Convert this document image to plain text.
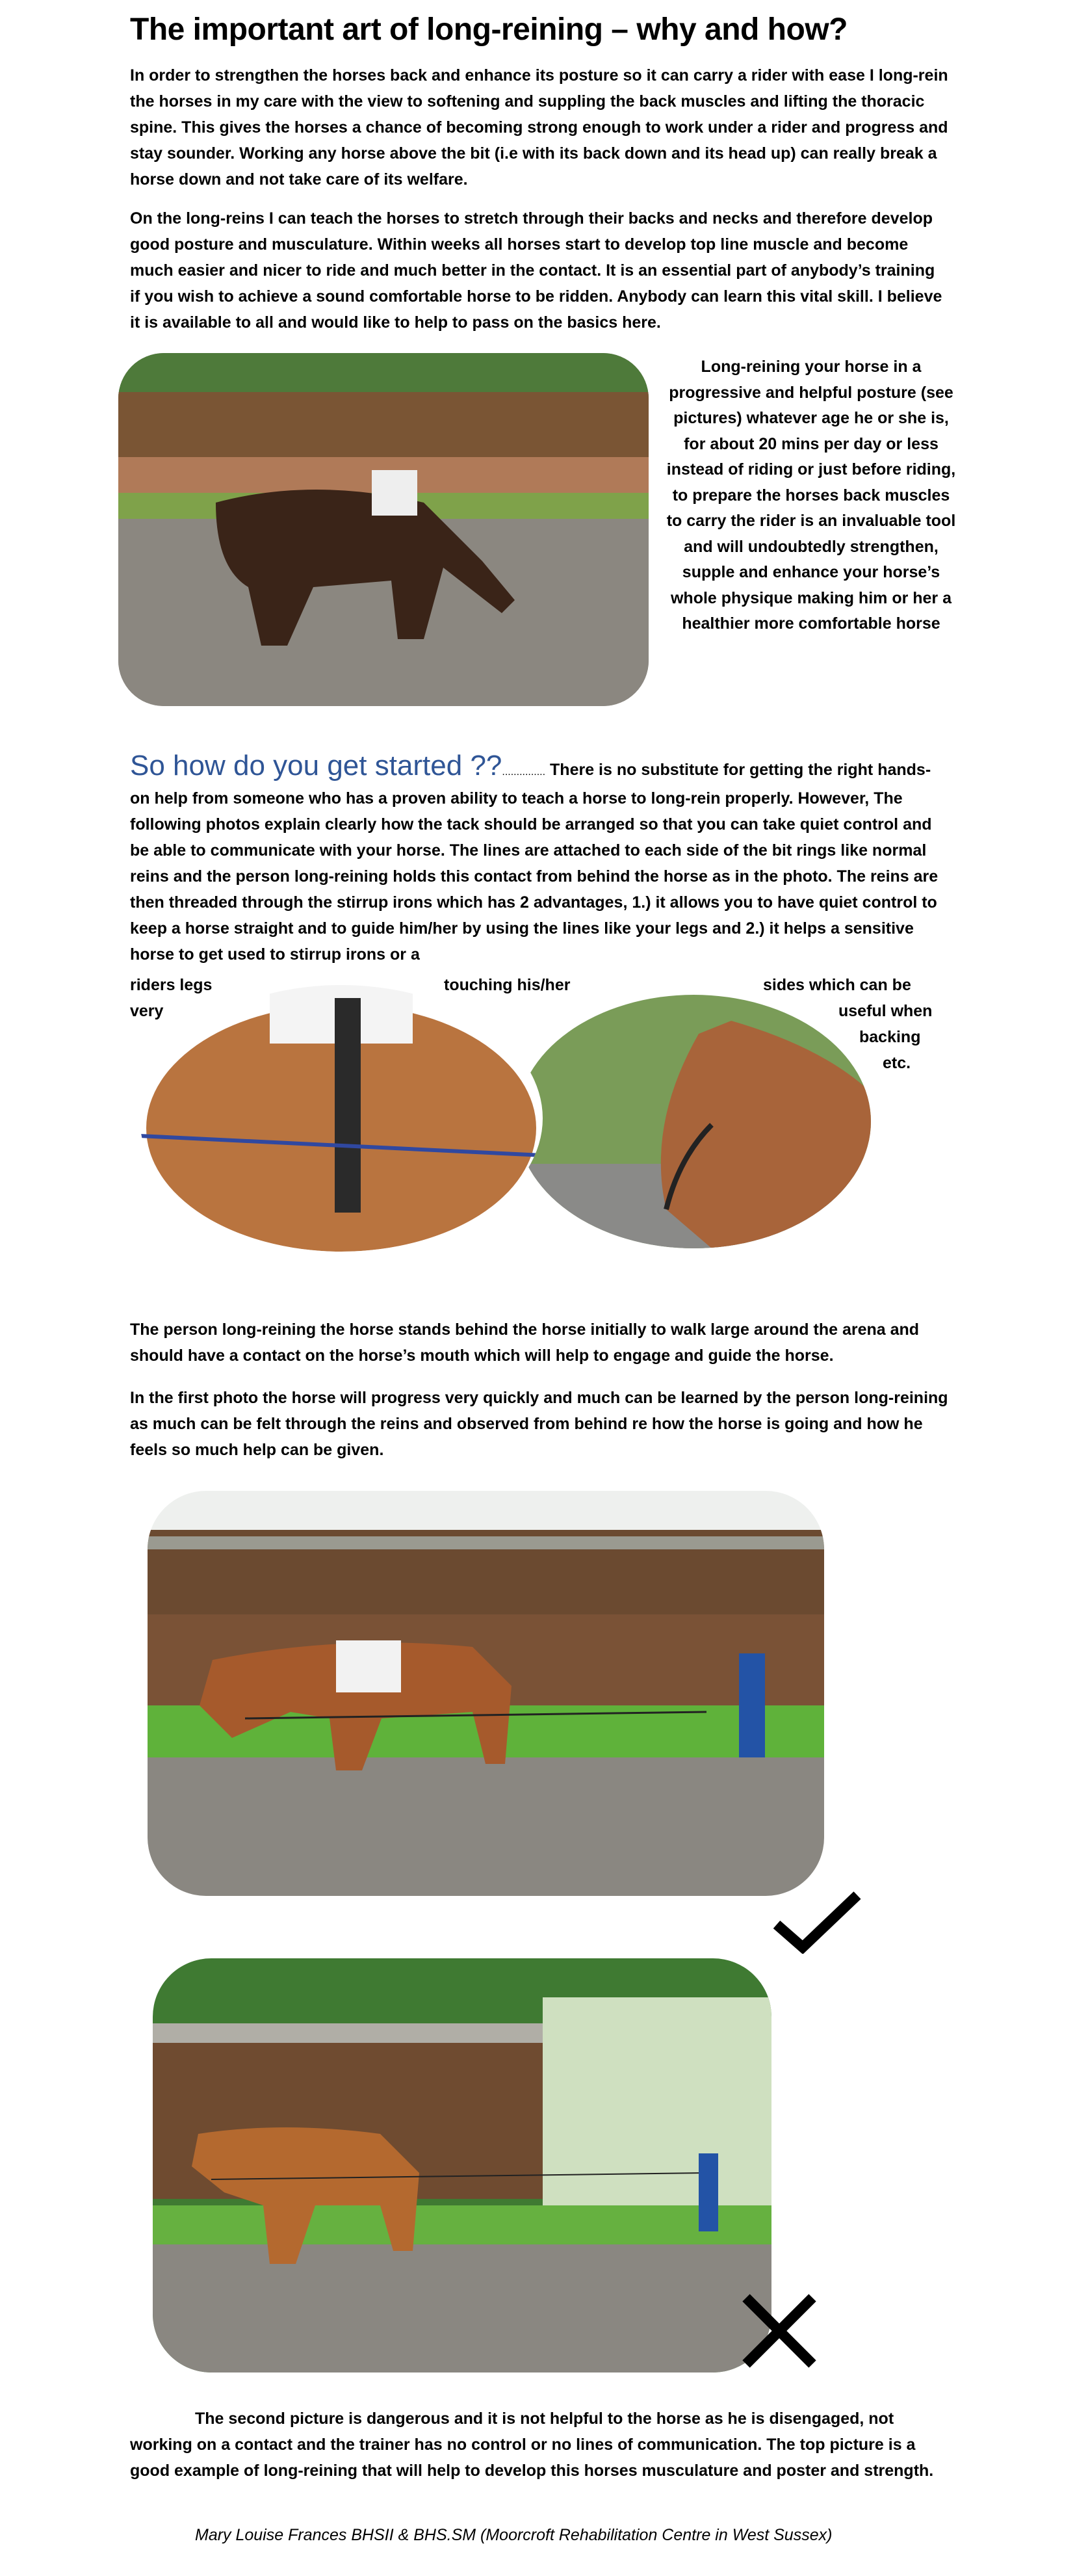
The important art of long-reining – why and how?
In order to strengthen the horses back and enhance its posture so it can carry a rider with ease I long-rein the horses in my care with the view to softening and suppling the back muscles and lifting the thoracic spine. This gives the horses a chance of becoming strong enough to work under a rider and progress and stay sounder. Working any horse above the bit (i.e with its back down and its head up) can really break a horse down and not take care of its welfare.
On the long-reins I can teach the horses to stretch through their backs and necks and therefore develop good posture and musculature. Within weeks all horses start to develop top line muscle and become much easier and nicer to ride and much better in the contact. It is an essential part of anybody’s training if you wish to achieve a sound comfortable horse to be ridden. Anybody can learn this vital skill. I believe it is available to all and would like to help to pass on the basics here.
Long-reining your horse in a progressive and helpful posture (see pictures) whatever age he or she is, for about 20 mins per day or less instead of riding or just before riding, to prepare the horses back muscles to carry the rider is an invaluable tool and will undoubtedly strengthen, supple and enhance your horse’s whole physique making him or her a healthier more comfortable horse
So how do you get started ??............... There is no substitute for getting the right hands-on help from someone who has a proven ability to teach a horse to long-rein properly. However, The following photos explain clearly how the tack should be arranged so that you can take quiet control and be able to communicate with your horse. The lines are attached to each side of the bit rings like normal reins and the person long-reining holds this contact from behind the horse as in the photo. The reins are then threaded through the stirrup irons which has 2 advantages, 1.) it allows you to have quiet control to keep a horse straight and to guide him/her by using the lines like your legs and 2.) it helps a sensitive horse to get used to stirrup irons or a
riders legs	touching his/her	sides which can be
very	useful when
backing
etc.
The person long-reining the horse stands behind the horse initially to walk large around the arena and should have a contact on the horse’s mouth which will help to engage and guide the horse.
In the first photo the horse will progress very quickly and much can be learned by the person long-reining as much can be felt through the reins and observed from behind re how the horse is going and how he feels so much help can be given.
The second picture is dangerous and it is not helpful to the horse as he is disengaged, not working on a contact and the trainer has no control or no lines of communication. The top picture is a good example of long-reining that will help to develop this horses musculature and poster and strength.
Mary Louise Frances BHSII & BHS.SM (Moorcroft Rehabilitation Centre in West Sussex)
